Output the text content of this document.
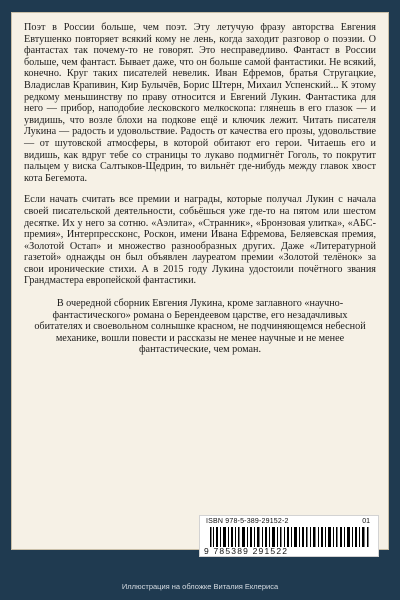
Поэт в России больше, чем поэт. Эту летучую фразу авторства Евгения Евтушенко повторяет всякий кому не лень, когда заходит разговор о поэзии. О фантастах так почему-то не говорят. Это несправедливо. Фантаст в России больше, чем фантаст. Бывает даже, что он больше самой фантастики. Не всякий, конечно. Круг таких писателей невелик. Иван Ефремов, братья Стругацкие, Владислав Крапивин, Кир Булычёв, Борис Штерн, Михаил Успенский... К этому редкому меньшинству по праву относится и Евгений Лукин. Фантастика для него — прибор, наподобие лесковского мелкоскопа: глянешь в его глазок — и увидишь, что возле блохи на подкове ещё и ключик лежит. Читать писателя Лукина — радость и удовольствие. Радость от качества его прозы, удовольствие — от шутовской атмосферы, в которой обитают его герои. Читаешь его и видишь, как вдруг тебе со страницы то лукаво подмигнёт Гоголь, то покрутит пальцем у виска Салтыков-Щедрин, то вильнёт где-нибудь между главок хвост кота Бегемота.

Если начать считать все премии и награды, которые получал Лукин с начала своей писательской деятельности, собьёшься уже где-то на пятом или шестом десятке. Их у него за сотню. «Аэлита», «Странник», «Бронзовая улитка», «АБС-премия», Интерпрессконс, Роскон, имени Ивана Ефремова, Беляевская премия, «Золотой Остап» и множество разнообразных других. Даже «Литературной газетой» однажды он был объявлен лауреатом премии «Золотой телёнок» за свои иронические стихи. А в 2015 году Лукина удостоили почётного звания Грандмастера европейской фантастики.

В очередной сборник Евгения Лукина, кроме заглавного «научно-фантастического» романа о Берендеевом царстве, его незадачливых обитателях и своевольном солнышке красном, не подчиняющемся небесной механике, вошли повести и рассказы не менее научные и не менее фантастические, чем роман.

ISBN 978-5-389-29152-2	01
9 785389 291522
Иллюстрация на обложке Виталия Еклериса
